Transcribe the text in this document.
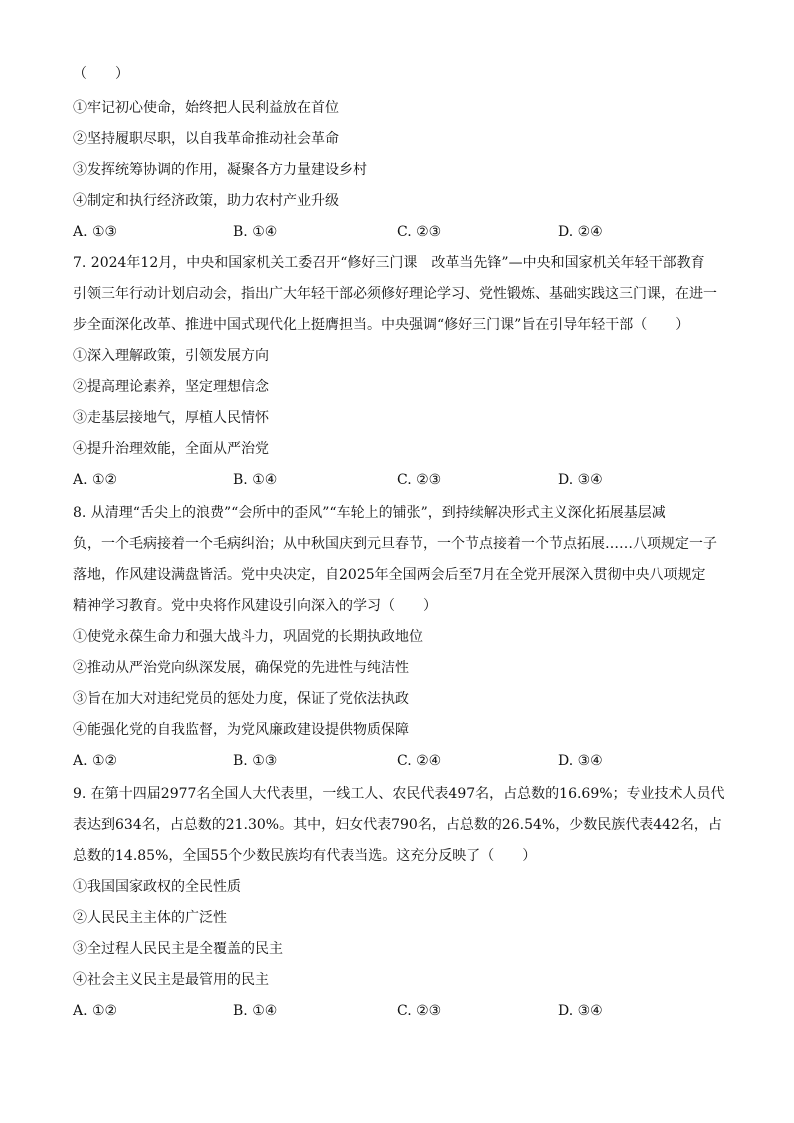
（　　）
①牢记初心使命，始终把人民利益放在首位
②坚持履职尽职，以自我革命推动社会革命
③发挥统筹协调的作用，凝聚各方力量建设乡村
④制定和执行经济政策，助力农村产业升级
A. ①③	B. ①④	C. ②③	D. ②④
7. 2024年12月，中央和国家机关工委召开“修好三门课　改革当先锋”—中央和国家机关年轻干部教育
引领三年行动计划启动会，指出广大年轻干部必须修好理论学习、党性锻炼、基础实践这三门课，在进一
步全面深化改革、推进中国式现代化上挺膺担当。中央强调“修好三门课”旨在引导年轻干部（　　）
①深入理解政策，引领发展方向
②提高理论素养，坚定理想信念
③走基层接地气，厚植人民情怀
④提升治理效能，全面从严治党
A. ①②	B. ①④	C. ②③	D. ③④
8. 从清理“舌尖上的浪费”“会所中的歪风”“车轮上的铺张”，到持续解决形式主义深化拓展基层减
负，一个毛病接着一个毛病纠治；从中秋国庆到元旦春节，一个节点接着一个节点拓展……八项规定一子
落地，作风建设满盘皆活。党中央决定，自2025年全国两会后至7月在全党开展深入贯彻中央八项规定
精神学习教育。党中央将作风建设引向深入的学习（　　）
①使党永葆生命力和强大战斗力，巩固党的长期执政地位
②推动从严治党向纵深发展，确保党的先进性与纯洁性
③旨在加大对违纪党员的惩处力度，保证了党依法执政
④能强化党的自我监督，为党风廉政建设提供物质保障
A. ①②	B. ①③	C. ②④	D. ③④
9. 在第十四届2977名全国人大代表里，一线工人、农民代表497名，占总数的16.69%；专业技术人员代
表达到634名，占总数的21.30%。其中，妇女代表790名，占总数的26.54%，少数民族代表442名，占
总数的14.85%，全国55个少数民族均有代表当选。这充分反映了（　　）
①我国国家政权的全民性质
②人民民主主体的广泛性
③全过程人民民主是全覆盖的民主
④社会主义民主是最管用的民主
A. ①②	B. ①④	C. ②③	D. ③④
